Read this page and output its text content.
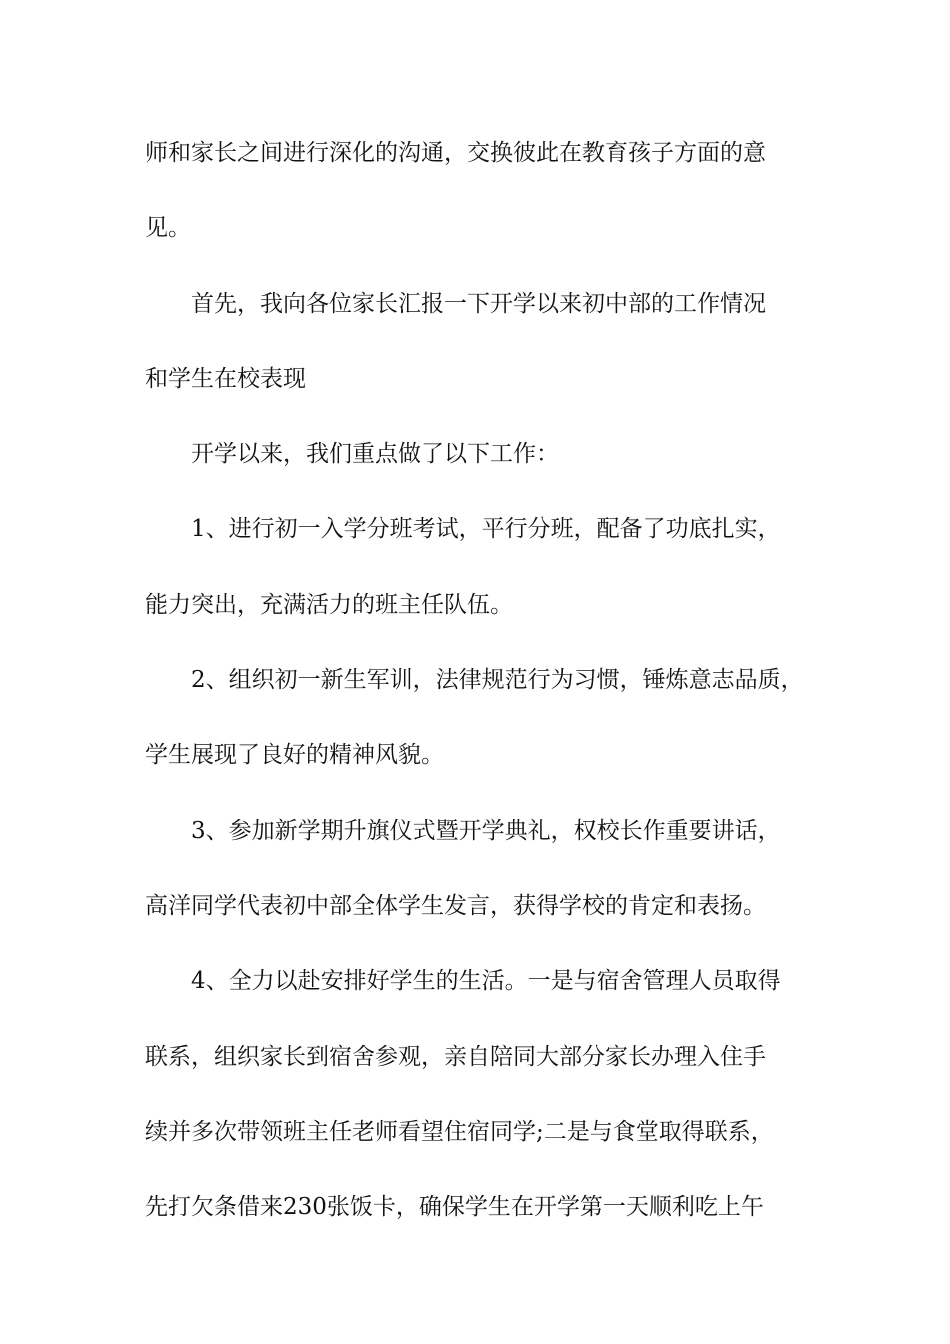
师和家长之间进行深化的沟通，交换彼此在教育孩子方面的意

见。

首先，我向各位家长汇报一下开学以来初中部的工作情况

和学生在校表现

开学以来，我们重点做了以下工作：

1、进行初一入学分班考试，平行分班，配备了功底扎实，

能力突出，充满活力的班主任队伍。

2、组织初一新生军训，法律规范行为习惯，锤炼意志品质，

学生展现了良好的精神风貌。

3、参加新学期升旗仪式暨开学典礼，权校长作重要讲话，

高洋同学代表初中部全体学生发言，获得学校的肯定和表扬。

4、全力以赴安排好学生的生活。一是与宿舍管理人员取得

联系，组织家长到宿舍参观，亲自陪同大部分家长办理入住手

续并多次带领班主任老师看望住宿同学;二是与食堂取得联系，

先打欠条借来230张饭卡，确保学生在开学第一天顺利吃上午
